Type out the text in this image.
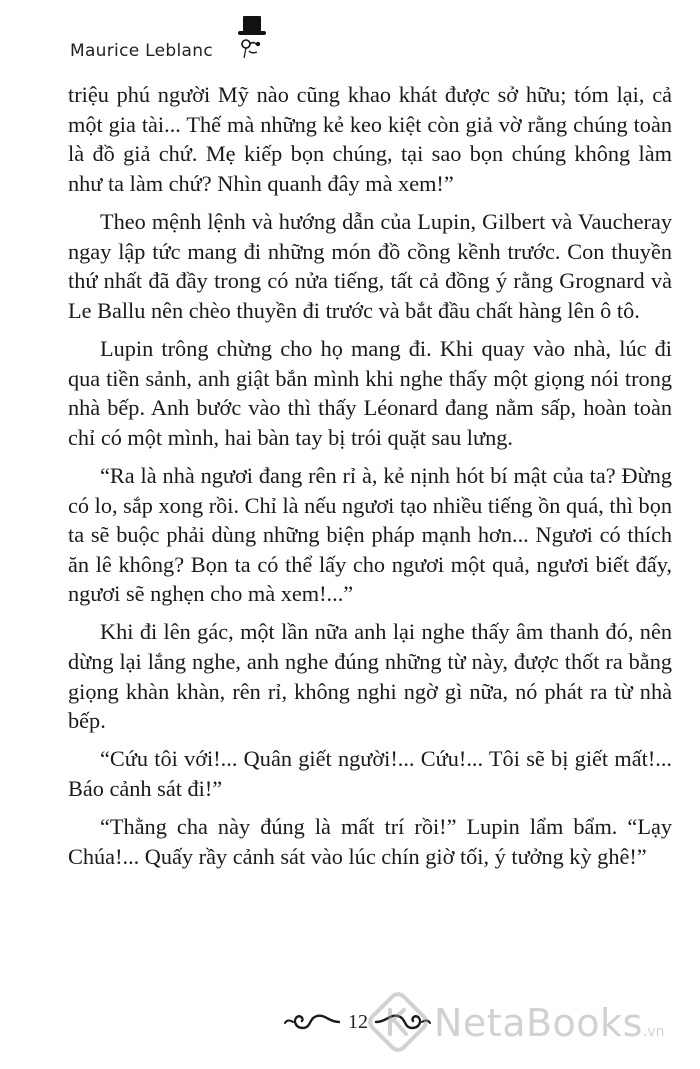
Maurice Leblanc

triệu phú người Mỹ nào cũng khao khát được sở hữu; tóm lại, cả một gia tài... Thế mà những kẻ keo kiệt còn giả vờ rằng chúng toàn là đồ giả chứ. Mẹ kiếp bọn chúng, tại sao bọn chúng không làm như ta làm chứ? Nhìn quanh đây mà xem!”

Theo mệnh lệnh và hướng dẫn của Lupin, Gilbert và Vaucheray ngay lập tức mang đi những món đồ cồng kềnh trước. Con thuyền thứ nhất đã đầy trong có nửa tiếng, tất cả đồng ý rằng Grognard và Le Ballu nên chèo thuyền đi trước và bắt đầu chất hàng lên ô tô.

Lupin trông chừng cho họ mang đi. Khi quay vào nhà, lúc đi qua tiền sảnh, anh giật bắn mình khi nghe thấy một giọng nói trong nhà bếp. Anh bước vào thì thấy Léonard đang nằm sấp, hoàn toàn chỉ có một mình, hai bàn tay bị trói quặt sau lưng.

“Ra là nhà ngươi đang rên rỉ à, kẻ nịnh hót bí mật của ta? Đừng có lo, sắp xong rồi. Chỉ là nếu ngươi tạo nhiều tiếng ồn quá, thì bọn ta sẽ buộc phải dùng những biện pháp mạnh hơn... Ngươi có thích ăn lê không? Bọn ta có thể lấy cho ngươi một quả, ngươi biết đấy, ngươi sẽ nghẹn cho mà xem!...”

Khi đi lên gác, một lần nữa anh lại nghe thấy âm thanh đó, nên dừng lại lắng nghe, anh nghe đúng những từ này, được thốt ra bằng giọng khàn khàn, rên rỉ, không nghi ngờ gì nữa, nó phát ra từ nhà bếp.

“Cứu tôi với!... Quân giết người!... Cứu!... Tôi sẽ bị giết mất!... Báo cảnh sát đi!”

“Thằng cha này đúng là mất trí rồi!” Lupin lẩm bẩm. “Lạy Chúa!... Quấy rầy cảnh sát vào lúc chín giờ tối, ý tưởng kỳ ghê!”

12 NetaBooks.vn
